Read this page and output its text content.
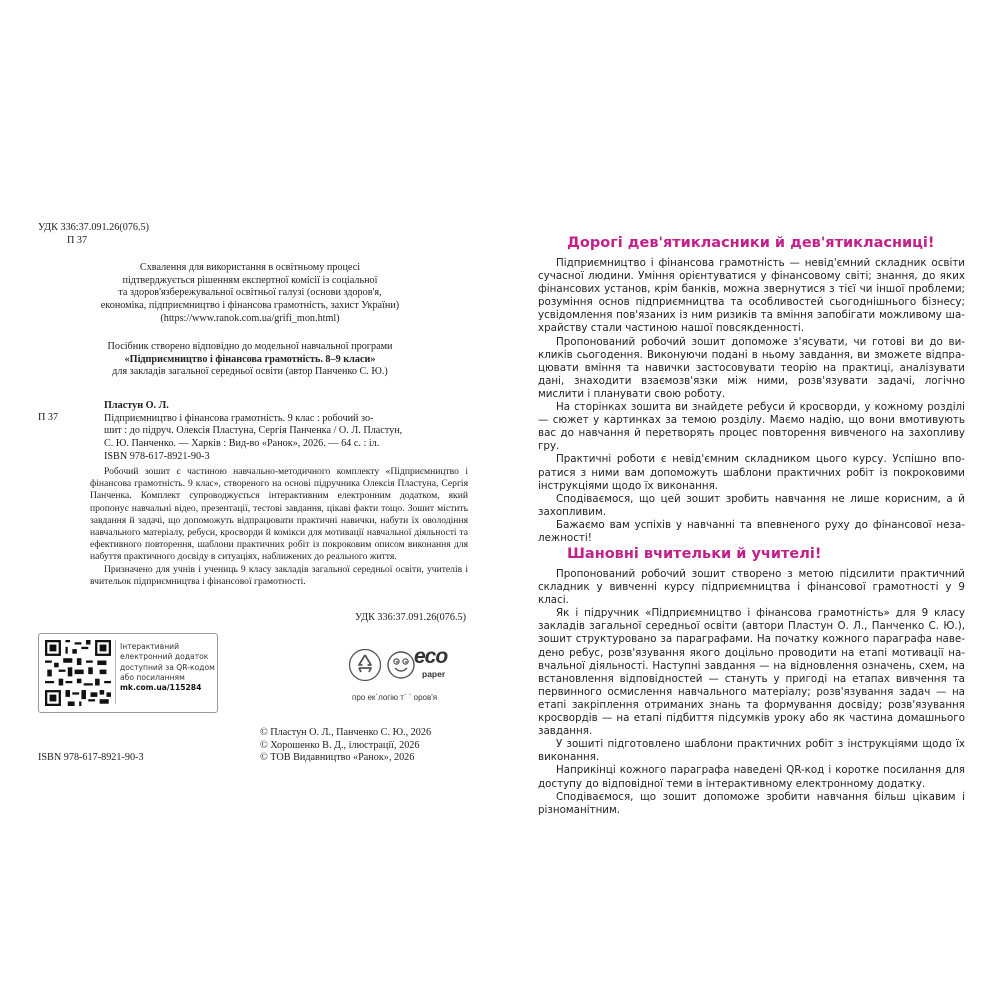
УДК 336:37.091.26(076.5)
П 37
Схвалення для використання в освітньому процесі
підтверджується рішенням експертної комісії із соціальної
та здоров'язбережувальної освітньої галузі (основи здоров'я,
економіка, підприємництво і фінансова грамотність, захист України)
(https://www.ranok.com.ua/grifi_mon.html)
Посібник створено відповідно до модельної навчальної програми
«Підприємництво і фінансова грамотність. 8–9 класи»
для закладів загальної середньої освіти (автор Панченко С. Ю.)
П 37
Пластун О. Л.
Підприємництво і фінансова грамотність. 9 клас : робочий зо-
шит : до підруч. Олексія Пластуна, Сергія Панченка / О. Л. Пластун,
С. Ю. Панченко. — Харків : Вид-во «Ранок», 2026. — 64 с. : іл.
ISBN 978-617-8921-90-3

Робочий зошит є частиною навчально-методичного комплекту «Підприємництво і фінансова грамотність. 9 клас», створеного на основі підручника Олексія Пластуна, Сергія Панченка. Комплект супроводжується інтерактивним електронним додатком, який пропонує навчальні відео, презентації, тестові завдання, цікаві факти тощо. Зошит містить завдання й задачі, що допоможуть відпрацювати практичні навички, набути їх оволодіння навчального матеріалу, ребуси, кросворди й комікси для мотивації навчальної діяльності та ефективного повторення, шаблони практичних робіт із покроковим описом виконання для набуття практичного досвіду в ситуаціях, наближених до реального життя.

Призначено для учнів і учениць 9 класу закладів загальної середньої освіти, учителів і вчительок підприємництва і фінансової грамотності.

УДК 336:37.091.26(076.5)
Інтерактивний
електронний додаток
доступний за QR-кодом
або посиланням
mk.com.ua/115284
eco
paper
про ек`логію т` ` оров'я
ISBN 978-617-8921-90-3
© Пластун О. Л., Панченко С. Ю., 2026
© Хорошенко В. Д., ілюстрації, 2026
© ТОВ Видавництво «Ранок», 2026
Дорогі дев'ятикласники й дев'ятикласниці!

Підприємництво і фінансова грамотність — невід'ємний складник освіти сучасної людини. Уміння орієнтуватися у фінансовому світі; знання, до яких фінансових установ, крім банків, можна звернутися з тієї чи іншої проблеми; розуміння основ підприємництва та особливостей сьогоднішнього бізнесу; усвідомлення пов'язаних із ним ризиків та вміння запобігати можливому шахрайству стали частиною нашої повсякденності.

Пропонований робочий зошит допоможе з'ясувати, чи готові ви до викликів сьогодення. Виконуючи подані в ньому завдання, ви зможете відпрацювати вміння та навички застосовувати теорію на практиці, аналізувати дані, знаходити взаємозв'язки між ними, розв'язувати задачі, логічно мислити і планувати свою роботу.

На сторінках зошита ви знайдете ребуси й кросворди, у кожному розділі — сюжет у картинках за темою розділу. Маємо надію, що вони вмотивують вас до навчання й перетворять процес повторення вивченого на захопливу гру.

Практичні роботи є невід'ємним складником цього курсу. Успішно впоратися з ними вам допоможуть шаблони практичних робіт із покроковими інструкціями щодо їх виконання.

Сподіваємося, що цей зошит зробить навчання не лише корисним, а й захопливим.

Бажаємо вам успіхів у навчанні та впевненого руху до фінансової незалежності!

Шановні вчительки й учителі!

Пропонований робочий зошит створено з метою підсилити практичний складник у вивченні курсу підприємництва і фінансової грамотності у 9 класі.

Як і підручник «Підприємництво і фінансова грамотність» для 9 класу закладів загальної середньої освіти (автори Пластун О. Л., Панченко С. Ю.), зошит структуровано за параграфами. На початку кожного параграфа наведено ребус, розв'язування якого доцільно проводити на етапі мотивації навчальної діяльності. Наступні завдання — на відновлення означень, схем, на встановлення відповідностей — стануть у пригоді на етапах вивчення та первинного осмислення навчального матеріалу; розв'язування задач — на етапі закріплення отриманих знань та формування досвіду; розв'язування кросвордів — на етапі підбиття підсумків уроку або як частина домашнього завдання.

У зошиті підготовлено шаблони практичних робіт з інструкціями щодо їх виконання.

Наприкінці кожного параграфа наведені QR-код і коротке посилання для доступу до відповідної теми в інтерактивному електронному додатку.

Сподіваємося, що зошит допоможе зробити навчання більш цікавим і різноманітним.
